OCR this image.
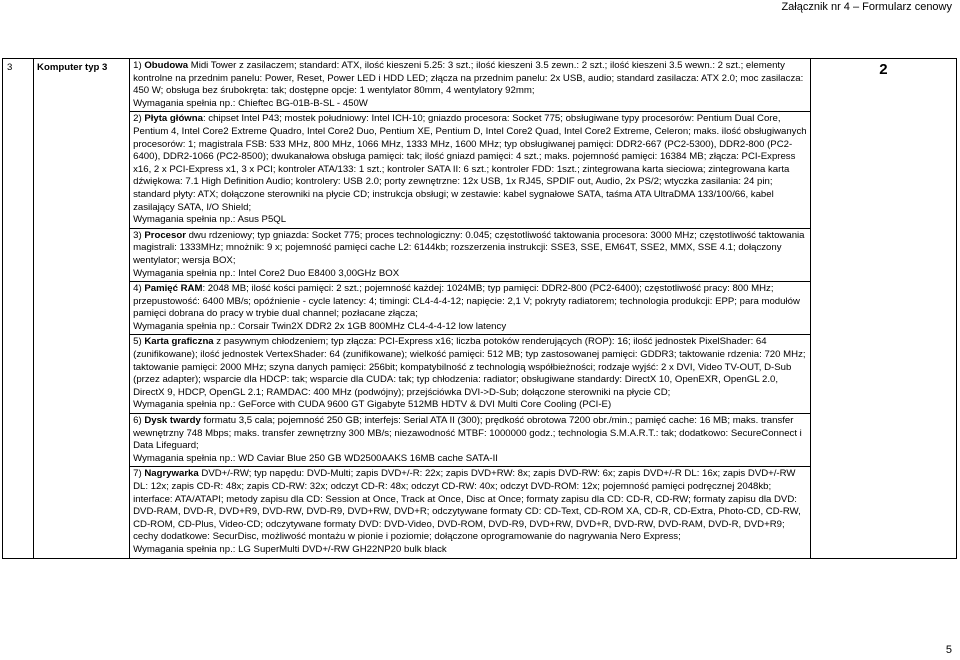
Załącznik nr 4 – Formularz cenowy
3	Komputer typ 3	1) Obudowa Midi Tower z zasilaczem; standard: ATX, ilość kieszeni 5.25: 3 szt.; ilość kieszeni 3.5 zewn.: 2 szt.; ilość kieszeni 3.5 wewn.: 2 szt.; elementy kontrolne na przednim panelu: Power, Reset, Power LED i HDD LED; złącza na przednim panelu: 2x USB, audio; standard zasilacza: ATX 2.0; moc zasilacza: 450 W; obsługa bez śrubokręta: tak; dostępne opcje: 1 wentylator 80mm, 4 wentylatory 92mm;

Wymagania spełnia np.: Chieftec BG-01B-B-SL - 450W

2) Płyta główna: chipset Intel P43; mostek południowy: Intel ICH-10; gniazdo procesora: Socket 775; obsługiwane typy procesorów: Pentium Dual Core, Pentium 4, Intel Core2 Extreme Quadro, Intel Core2 Duo, Pentium XE, Pentium D, Intel Core2 Quad, Intel Core2 Extreme, Celeron; maks. ilość obsługiwanych procesorów: 1; magistrala FSB: 533 MHz, 800 MHz, 1066 MHz, 1333 MHz, 1600 MHz; typ obsługiwanej pamięci: DDR2-667 (PC2-5300), DDR2-800 (PC2-6400), DDR2-1066 (PC2-8500); dwukanałowa obsługa pamięci: tak; ilość gniazd pamięci: 4 szt.; maks. pojemność pamięci: 16384 MB; złącza: PCI-Express x16, 2 x PCI-Express x1, 3 x PCI; kontroler ATA/133: 1 szt.; kontroler SATA II: 6 szt.; kontroler FDD: 1szt.; zintegrowana karta sieciowa; zintegrowana karta dźwiękowa: 7.1 High Definition Audio; kontrolery: USB 2.0; porty zewnętrzne: 12x USB, 1x RJ45, SPDIF out, Audio, 2x PS/2; wtyczka zasilania: 24 pin; standard płyty: ATX; dołączone sterowniki na płycie CD; instrukcja obsługi; w zestawie: kabel sygnałowe SATA, taśma ATA UltraDMA 133/100/66, kabel zasilający SATA, I/O Shield;

Wymagania spełnia np.: Asus P5QL

3) Procesor dwu rdzeniowy; typ gniazda: Socket 775; proces technologiczny: 0.045; częstotliwość taktowania procesora: 3000 MHz; częstotliwość taktowania magistrali: 1333MHz; mnożnik: 9 x; pojemność pamięci cache L2: 6144kb; rozszerzenia instrukcji: SSE3, SSE, EM64T, SSE2, MMX, SSE 4.1; dołączony wentylator; wersja BOX;

Wymagania spełnia np.: Intel Core2 Duo E8400 3,00GHz BOX

4) Pamięć RAM: 2048 MB; ilość kości pamięci: 2 szt.; pojemność każdej: 1024MB; typ pamięci: DDR2-800 (PC2-6400); częstotliwość pracy: 800 MHz; przepustowość: 6400 MB/s; opóźnienie - cycle latency: 4; timingi: CL4-4-4-12; napięcie: 2,1 V; pokryty radiatorem; technologia produkcji: EPP; para modułów pamięci dobrana do pracy w trybie dual channel; pozłacane złącza;

Wymagania spełnia np.: Corsair Twin2X DDR2 2x 1GB 800MHz CL4-4-4-12 low latency

5) Karta graficzna z pasywnym chłodzeniem; typ złącza: PCI-Express x16; liczba potoków renderujących (ROP): 16; ilość jednostek PixelShader: 64 (zunifikowane); ilość jednostek VertexShader: 64 (zunifikowane); wielkość pamięci: 512 MB; typ zastosowanej pamięci: GDDR3; taktowanie rdzenia: 720 MHz; taktowanie pamięci: 2000 MHz; szyna danych pamięci: 256bit; kompatybilność z technologią współbieżności; rodzaje wyjść: 2 x DVI, Video TV-OUT, D-Sub (przez adapter); wsparcie dla HDCP: tak; wsparcie dla CUDA: tak; typ chłodzenia: radiator; obsługiwane standardy: DirectX 10, OpenEXR, OpenGL 2.0, DirectX 9, HDCP, OpenGL 2.1; RAMDAC: 400 MHz (podwójny); przejściówka DVI->D-Sub; dołączone sterowniki na płycie CD;

Wymagania spełnia np.: GeForce with CUDA 9600 GT Gigabyte 512MB HDTV & DVI Multi Core Cooling (PCI-E)

6) Dysk twardy formatu 3,5 cala; pojemność 250 GB; interfejs: Serial ATA II (300); prędkość obrotowa 7200 obr./min.; pamięć cache: 16 MB; maks. transfer wewnętrzny 748 Mbps; maks. transfer zewnętrzny 300 MB/s; niezawodność MTBF: 1000000 godz.; technologia S.M.A.R.T.: tak; dodatkowo: SecureConnect i Data Lifeguard;

Wymagania spełnia np.: WD Caviar Blue 250 GB WD2500AAKS 16MB cache SATA-II

7) Nagrywarka DVD+/-RW; typ napędu: DVD-Multi; zapis DVD+/-R: 22x; zapis DVD+RW: 8x; zapis DVD-RW: 6x; zapis DVD+/-R DL: 16x; zapis DVD+/-RW DL: 12x; zapis CD-R: 48x; zapis CD-RW: 32x; odczyt CD-R: 48x; odczyt CD-RW: 40x; odczyt DVD-ROM: 12x; pojemność pamięci podręcznej 2048kb; interface: ATA/ATAPI; metody zapisu dla CD: Session at Once, Track at Once, Disc at Once; formaty zapisu dla CD: CD-R, CD-RW; formaty zapisu dla DVD: DVD-RAM, DVD-R, DVD+R9, DVD-RW, DVD-R9, DVD+RW, DVD+R; odczytywane formaty CD: CD-Text, CD-ROM XA, CD-R, CD-Extra, Photo-CD, CD-RW, CD-ROM, CD-Plus, Video-CD; odczytywane formaty DVD: DVD-Video, DVD-ROM, DVD-R9, DVD+RW, DVD+R, DVD-RW, DVD-RAM, DVD-R, DVD+R9; cechy dodatkowe: SecurDisc, możliwość montażu w pionie i poziomie; dołączone oprogramowanie do nagrywania Nero Express;

Wymagania spełnia np.: LG SuperMulti DVD+/-RW GH22NP20 bulk black

	2
5
